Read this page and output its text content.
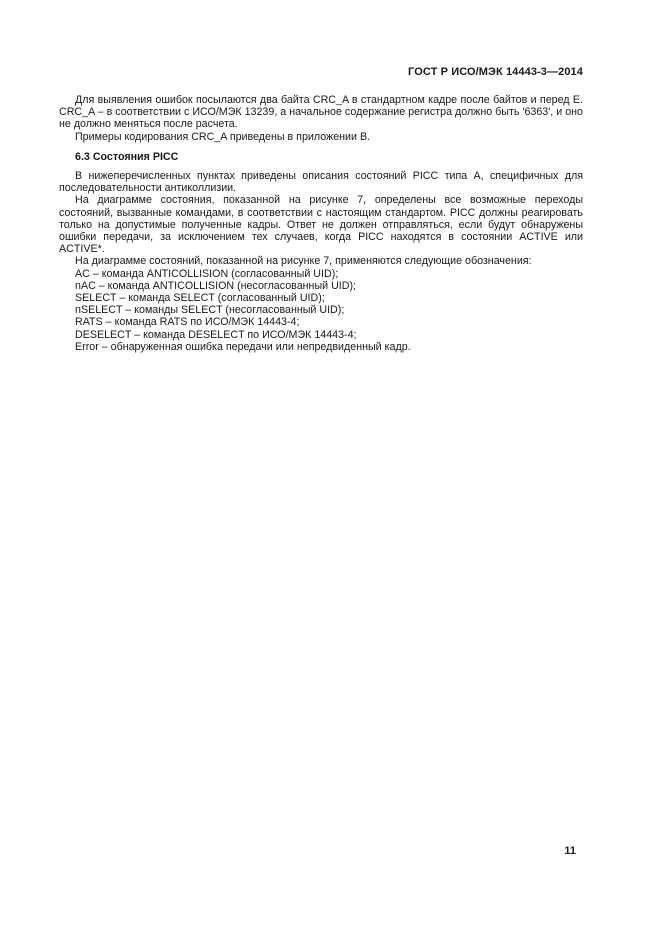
ГОСТ Р ИСО/МЭК 14443-3—2014

Для выявления ошибок посылаются два байта CRC_A в стандартном кадре после байтов и перед Е. CRC_A – в соответствии с ИСО/МЭК 13239, а начальное содержание регистра должно быть '6363', и оно не должно меняться после расчета.

Примеры кодирования CRC_A приведены в приложении B.

6.3 Состояния PICC

В нижеперечисленных пунктах приведены описания состояний PICC типа A, специфичных для последовательности антиколлизии.

На диаграмме состояния, показанной на рисунке 7, определены все возможные переходы состояний, вызванные командами, в соответствии с настоящим стандартом. PICC должны реагировать только на допустимые полученные кадры. Ответ не должен отправляться, если будут обнаружены ошибки передачи, за исключением тех случаев, когда PICC находятся в состоянии ACTIVE или ACTIVE*.

На диаграмме состояний, показанной на рисунке 7, применяются следующие обозначения:

AC – команда ANTICOLLISION (согласованный UID);

nAC – команда ANTICOLLISION (несогласованный UID);

SELECT – команда SELECT (согласованный UID);

nSELECT – команды SELECT (несогласованный UID);

RATS – команда RATS по ИСО/МЭК 14443-4;

DESELECT – команда DESELECT по ИСО/МЭК 14443-4;

Error – обнаруженная ошибка передачи или непредвиденный кадр.

11
